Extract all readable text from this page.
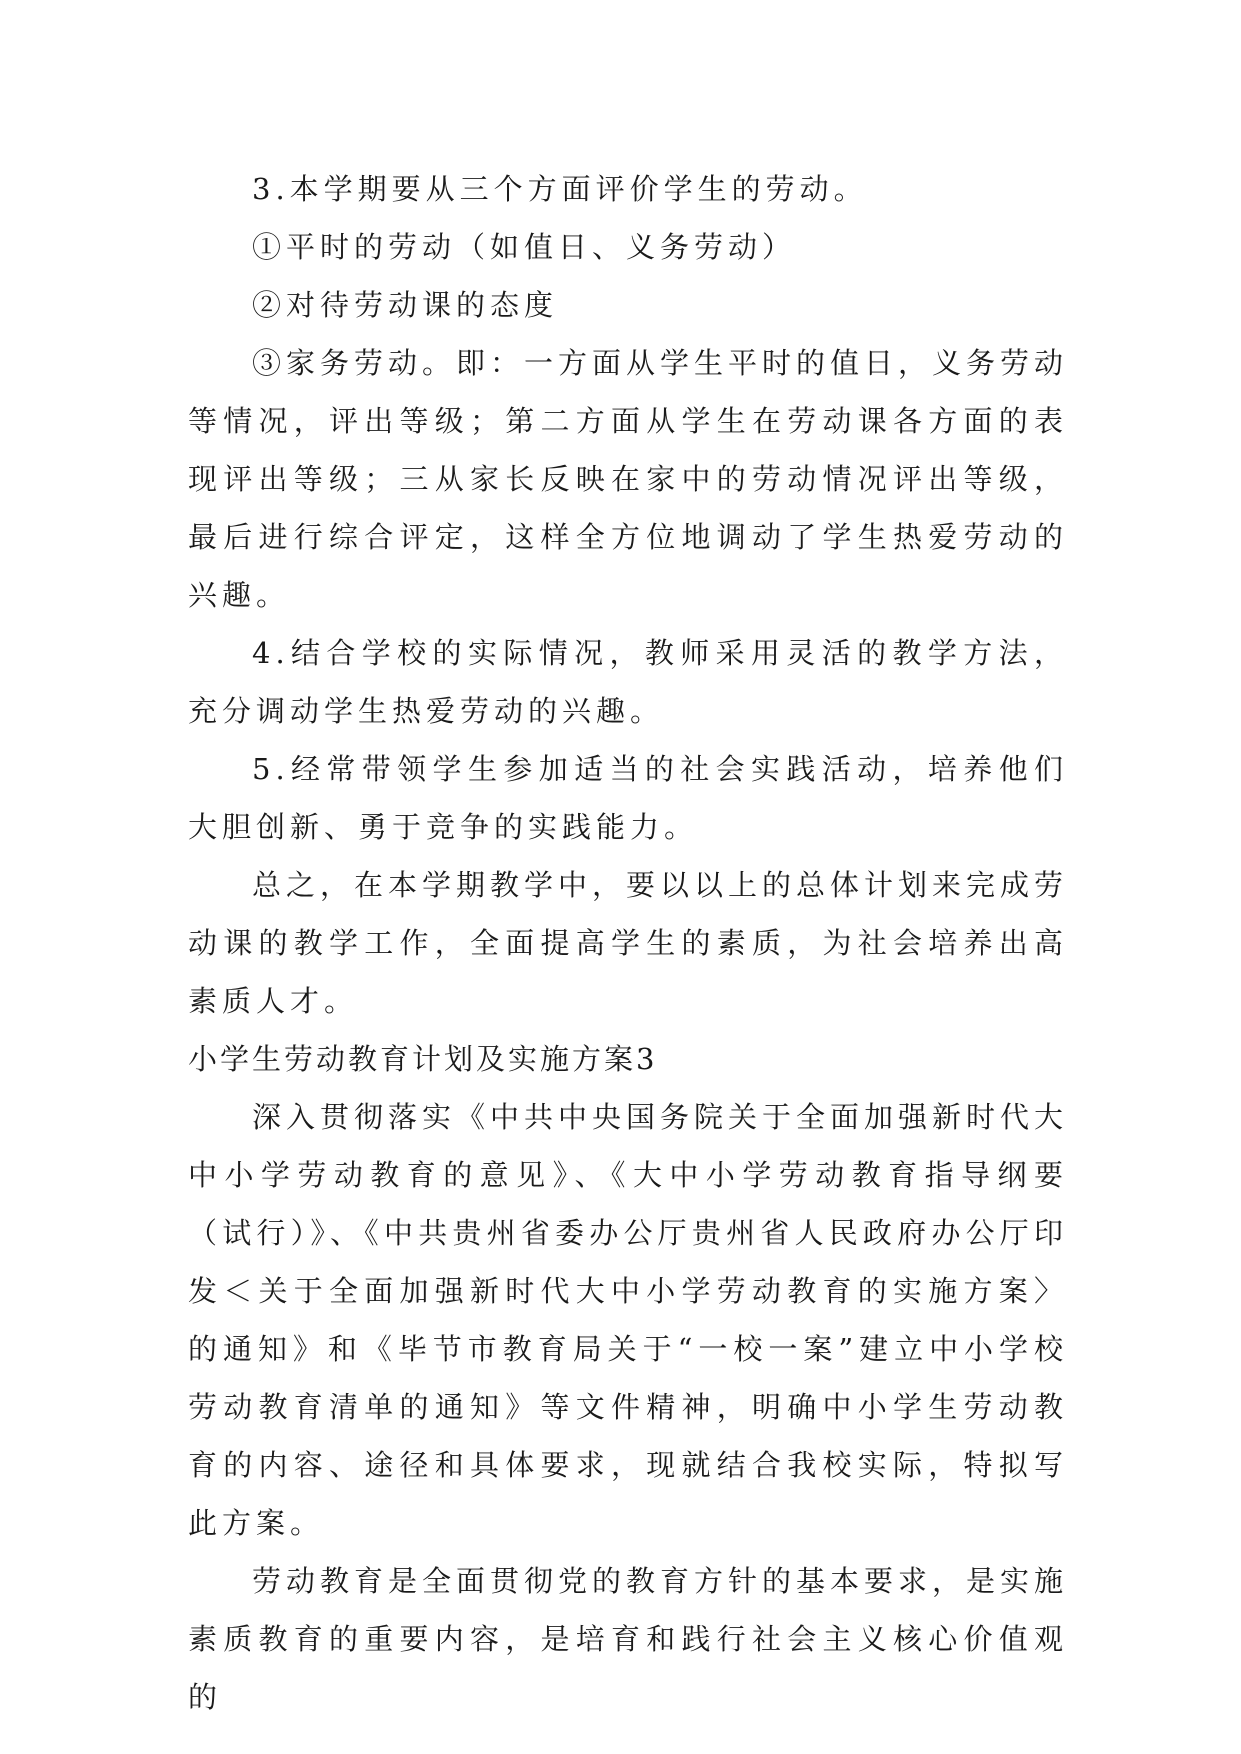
3.本学期要从三个方面评价学生的劳动。

①平时的劳动（如值日、义务劳动）

②对待劳动课的态度

③家务劳动。即：一方面从学生平时的值日，义务劳动等情况，评出等级；第二方面从学生在劳动课各方面的表现评出等级；三从家长反映在家中的劳动情况评出等级，最后进行综合评定，这样全方位地调动了学生热爱劳动的兴趣。

4.结合学校的实际情况，教师采用灵活的教学方法，充分调动学生热爱劳动的兴趣。

5.经常带领学生参加适当的社会实践活动，培养他们大胆创新、勇于竞争的实践能力。

总之，在本学期教学中，要以以上的总体计划来完成劳动课的教学工作，全面提高学生的素质，为社会培养出高素质人才。

小学生劳动教育计划及实施方案3

深入贯彻落实《中共中央国务院关于全面加强新时代大中小学劳动教育的意见》、《大中小学劳动教育指导纲要（试行）》、《中共贵州省委办公厅贵州省人民政府办公厅印发＜关于全面加强新时代大中小学劳动教育的实施方案〉的通知》和《毕节市教育局关于“一校一案”建立中小学校劳动教育清单的通知》等文件精神，明确中小学生劳动教育的内容、途径和具体要求，现就结合我校实际，特拟写此方案。

劳动教育是全面贯彻党的教育方针的基本要求，是实施素质教育的重要内容，是培育和践行社会主义核心价值观的
